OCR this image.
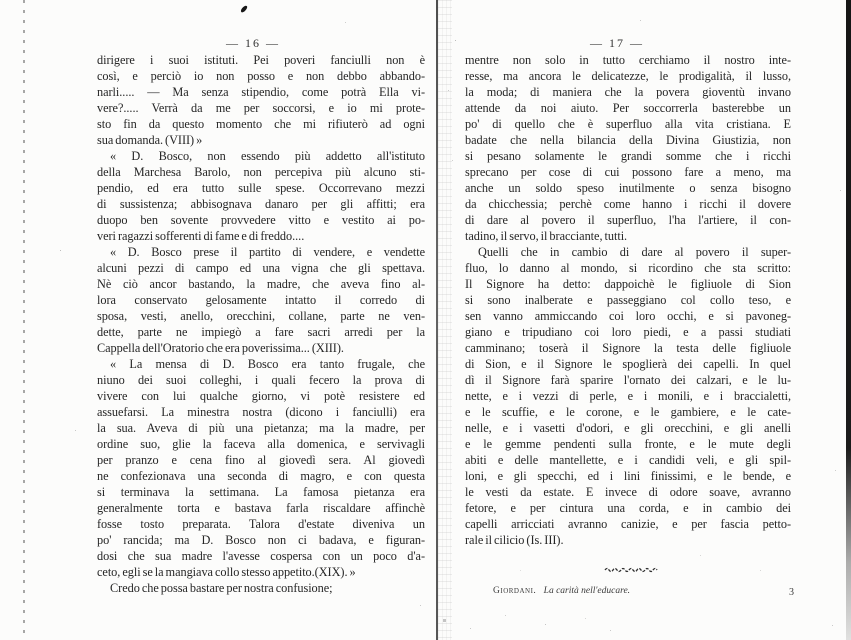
— 16 —
dirigere i suoi istituti. Pei poveri fanciulli non è
così, e perciò io non posso e non debbo abbando-
narli..... — Ma senza stipendio, come potrà Ella vi-
vere?..... Verrà da me per soccorsi, e io mi prote-
sto fin da questo momento che mi rifiuterò ad ogni
sua domanda. (VIII) »
« D. Bosco, non essendo più addetto all'istituto
della Marchesa Barolo, non percepiva più alcuno sti-
pendio, ed era tutto sulle spese. Occorrevano mezzi
di sussistenza; abbisognava danaro per gli affitti; era
duopo ben sovente provvedere vitto e vestito ai po-
veri ragazzi sofferenti di fame e di freddo....
« D. Bosco prese il partito di vendere, e vendette
alcuni pezzi di campo ed una vigna che gli spettava.
Nè ciò ancor bastando, la madre, che aveva fino al-
lora conservato gelosamente intatto il corredo di
sposa, vesti, anello, orecchini, collane, parte ne ven-
dette, parte ne impiegò a fare sacri arredi per la
Cappella dell'Oratorio che era poverissima... (XIII).
« La mensa di D. Bosco era tanto frugale, che
niuno dei suoi colleghi, i quali fecero la prova di
vivere con lui qualche giorno, vi potè resistere ed
assuefarsi. La minestra nostra (dicono i fanciulli) era
la sua. Aveva di più una pietanza; ma la madre, per
ordine suo, glie la faceva alla domenica, e servivagli
per pranzo e cena fino al giovedì sera. Al giovedì
ne confezionava una seconda di magro, e con questa
si terminava la settimana. La famosa pietanza era
generalmente torta e bastava farla riscaldare affinchè
fosse tosto preparata. Talora d'estate diveniva un
po' rancida; ma D. Bosco non ci badava, e figuran-
dosi che sua madre l'avesse cospersa con un poco d'a-
ceto, egli se la mangiava collo stesso appetito.(XIX). »
Credo che possa bastare per nostra confusione;
— 17 —
mentre non solo in tutto cerchiamo il nostro inte-
resse, ma ancora le delicatezze, le prodigalità, il lusso,
la moda; di maniera che la povera gioventù invano
attende da noi aiuto. Per soccorrerla basterebbe un
po' di quello che è superfluo alla vita cristiana. E
badate che nella bilancia della Divina Giustizia, non
si pesano solamente le grandi somme che i ricchi
sprecano per cose di cui possono fare a meno, ma
anche un soldo speso inutilmente o senza bisogno
da chicchessia; perchè come hanno i ricchi il dovere
di dare al povero il superfluo, l'ha l'artiere, il con-
tadino, il servo, il bracciante, tutti.
Quelli che in cambio di dare al povero il super-
fluo, lo danno al mondo, si ricordino che sta scritto:
Il Signore ha detto: dappoichè le figliuole di Sion
si sono inalberate e passeggiano col collo teso, e
sen vanno ammiccando coi loro occhi, e si pavoneg-
giano e tripudiano coi loro piedi, e a passi studiati
camminano; toserà il Signore la testa delle figliuole
di Sion, e il Signore le spoglierà dei capelli. In quel
dì il Signore farà sparire l'ornato dei calzari, e le lu-
nette, e i vezzi di perle, e i monili, e i braccialetti,
e le scuffie, e le corone, e le gambiere, e le cate-
nelle, e i vasetti d'odori, e gli orecchini, e gli anelli
e le gemme pendenti sulla fronte, e le mute degli
abiti e delle mantellette, e i candidi veli, e gli spil-
loni, e gli specchi, ed i lini finissimi, e le bende, e
le vesti da estate. E invece di odore soave, avranno
fetore, e per cintura una corda, e in cambio dei
capelli arricciati avranno canizie, e per fascia petto-
rale il cilicio (Is. III).
Giordani. La carità nell'educare.	3
